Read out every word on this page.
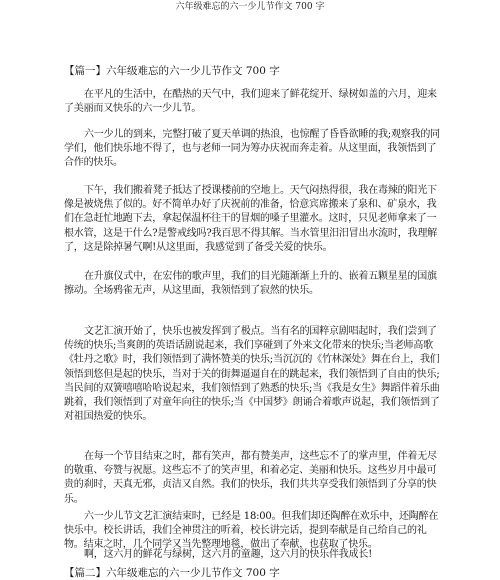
六年级难忘的六一少儿节作文 700 字
【篇一】六年级难忘的六一少儿节作文 700 字

在平凡的生活中，在酷热的天气中，我们迎来了鲜花绽开、绿树如盖的六月，迎来了美丽而又快乐的六一少儿节。

六一少儿的到来，完整打破了夏天单调的热浪，也惊醒了昏昏欲睡的我;观察我的同学们，他们快乐地不得了，也与老师一同为筹办庆祝而奔走着。从这里面，我领悟到了合作的快乐。

下午，我们搬着凳子抵达了授课楼前的空地上。天气闷热得很，我在毒辣的阳光下像是被烧焦了似的。好不简单办好了庆祝前的准备，恰意宾席搬来了泉和、矿泉水，我们在急赶忙地跑下去，拿起保温杯往干的冒烟的嗓子里灌水。这时，只见老师拿来了一根水管，这是干什么?是警戒线吗?我百思不得其解。当水管里汨汨冒出水流时，我理解了，这是除掉暑气啊!从这里面，我感觉到了备受关爱的快乐。

在升旗仪式中，在宏伟的歌声里，我们的目光随渐渐上升的、嵌着五颗星星的国旗擦动。全场鸦雀无声，从这里面，我领悟到了寂然的快乐。

文艺汇演开始了，快乐也被发挥到了极点。当有名的国粹京剧唱起时，我们尝到了传统的快乐;当爽朗的英语话剧说起来，我们享碰到了外来文化带来的快乐;当老师高歌《牡丹之歌》时，我们领悟到了满怀赞美的快乐;当沉沉的《竹林深处》舞在台上，我们领悟到悠但是起的快乐，当对于关的街舞逼逼自在的跳起来，我们领悟到了自由的快乐;当民间的双簧嘻嘻哈哈说起来，我们领悟到了熟悉的快乐;当《我是女生》舞蹈伴着乐曲跳着，我们领悟到了对童年向往的快乐;当《中国梦》朗诵合着歌声说起，我们领悟到了对祖国热爱的快乐。

在每一个节目结束之时，都有笑声，都有赞美声，这些忘不了的掌声里，伴着无尽的敬重、夸赞与祝愿。这些忘不了的笑声里，和着必定、美丽和快乐。这些岁月中最可贵的刹时，天真无邪，贞洁又自然。我们的快乐，我们共共享受我们领悟到了分享的快乐。

六一少儿节文艺汇演结束时，已经是 18:00。但我们却还陶醉在欢乐中，还陶醉在快乐中。校长讲话，我们全神贯注的听着，校长讲完话，提到奉献是自己给自己的礼物。结束之时，几个同学又当先整理地毯，做出了奉献，也获取了快乐。

啊，这六月的鲜花与绿树，这六月的童趣，这六月的快乐伴我成长!

【篇二】六年级难忘的六一少儿节作文 700 字
